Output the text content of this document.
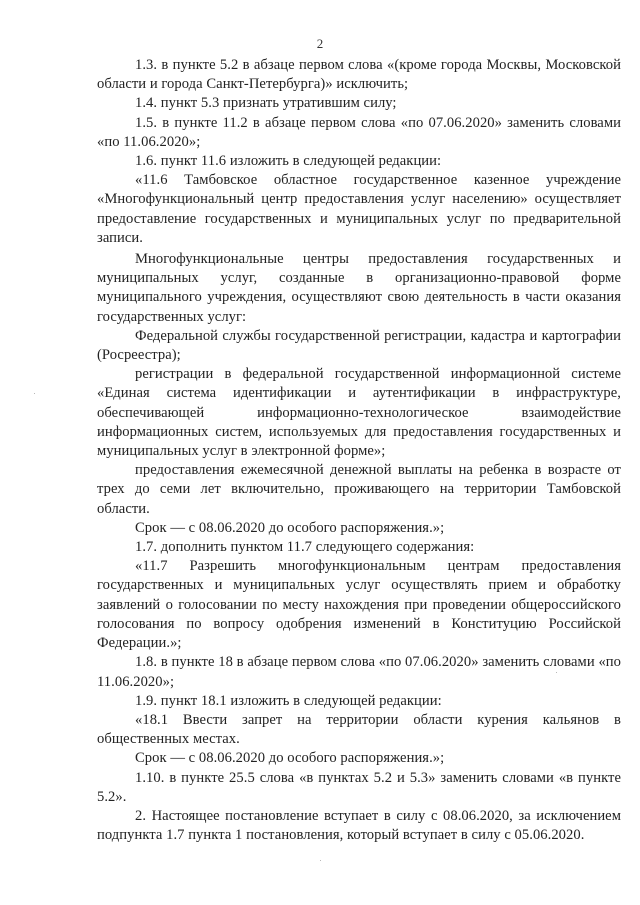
2

1.3. в пункте 5.2 в абзаце первом слова «(кроме города Москвы, Московской области и города Санкт-Петербурга)» исключить;

1.4. пункт 5.3 признать утратившим силу;

1.5. в пункте 11.2 в абзаце первом слова «по 07.06.2020» заменить словами «по 11.06.2020»;

1.6. пункт 11.6 изложить в следующей редакции:

«11.6 Тамбовское областное государственное казенное учреждение «Многофункциональный центр предоставления услуг населению» осуществляет предоставление государственных и муниципальных услуг по предварительной записи.

Многофункциональные центры предоставления государственных и муниципальных услуг, созданные в организационно-правовой форме муниципального учреждения, осуществляют свою деятельность в части оказания государственных услуг:

Федеральной службы государственной регистрации, кадастра и картографии (Росреестра);

регистрации в федеральной государственной информационной системе «Единая система идентификации и аутентификации в инфраструктуре, обеспечивающей информационно-технологическое взаимодействие информационных систем, используемых для предоставления государственных и муниципальных услуг в электронной форме»;

предоставления ежемесячной денежной выплаты на ребенка в возрасте от трех до семи лет включительно, проживающего на территории Тамбовской области.

Срок — с 08.06.2020 до особого распоряжения.»;

1.7. дополнить пунктом 11.7 следующего содержания:

«11.7 Разрешить многофункциональным центрам предоставления государственных и муниципальных услуг осуществлять прием и обработку заявлений о голосовании по месту нахождения при проведении общероссийского голосования по вопросу одобрения изменений в Конституцию Российской Федерации.»;

1.8. в пункте 18 в абзаце первом слова «по 07.06.2020» заменить словами «по 11.06.2020»;

1.9. пункт 18.1 изложить в следующей редакции:

«18.1 Ввести запрет на территории области курения кальянов в общественных местах.

Срок — с 08.06.2020 до особого распоряжения.»;

1.10. в пункте 25.5 слова «в пунктах 5.2 и 5.3» заменить словами «в пункте 5.2».

2. Настоящее постановление вступает в силу с 08.06.2020, за исключением подпункта 1.7 пункта 1 постановления, который вступает в силу с 05.06.2020.
